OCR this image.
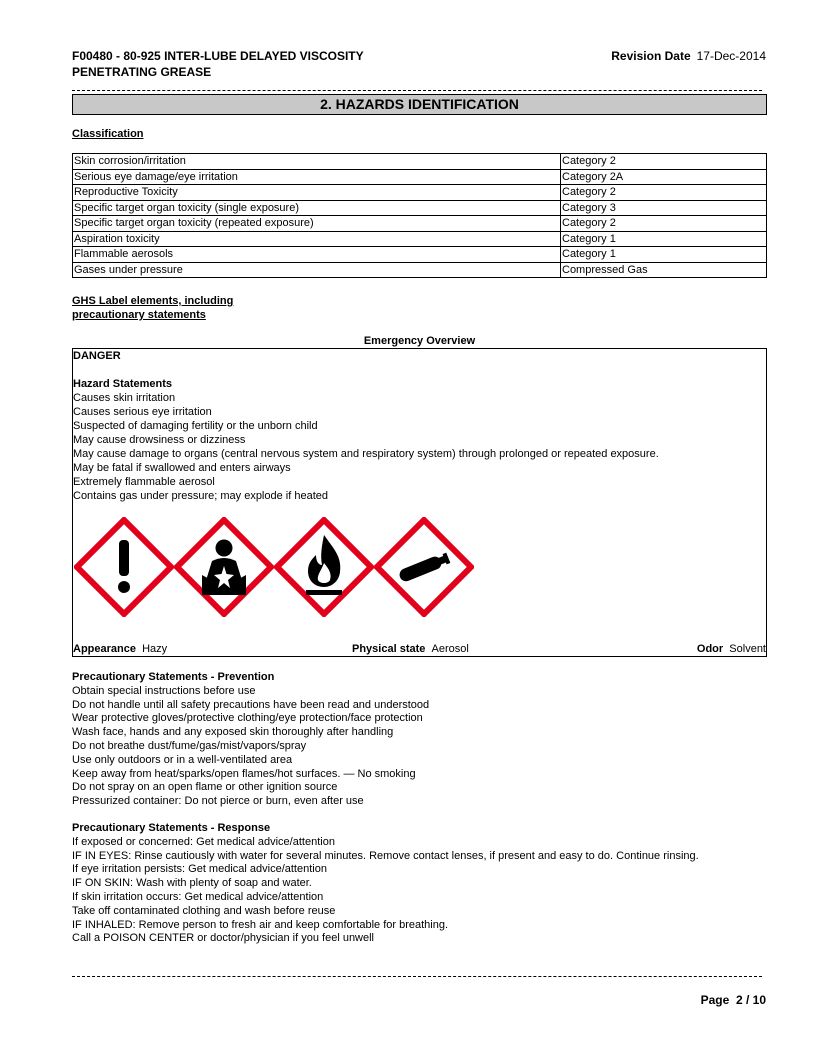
F00480 - 80-925 INTER-LUBE DELAYED VISCOSITY
PENETRATING GREASE
Revision Date 17-Dec-2014
2. HAZARDS IDENTIFICATION
Classification
Skin corrosion/irritation	Category 2
Serious eye damage/eye irritation	Category 2A
Reproductive Toxicity	Category 2
Specific target organ toxicity (single exposure)	Category 3
Specific target organ toxicity (repeated exposure)	Category 2
Aspiration toxicity	Category 1
Flammable aerosols	Category 1
Gases under pressure	Compressed Gas
GHS Label elements, including
precautionary statements
Emergency Overview
DANGER
Hazard Statements
Causes skin irritation
Causes serious eye irritation
Suspected of damaging fertility or the unborn child
May cause drowsiness or dizziness
May cause damage to organs (central nervous system and respiratory system) through prolonged or repeated exposure.
May be fatal if swallowed and enters airways
Extremely flammable aerosol
Contains gas under pressure; may explode if heated
Appearance Hazy	Physical state Aerosol	Odor Solvent
Precautionary Statements - Prevention
Obtain special instructions before use
Do not handle until all safety precautions have been read and understood
Wear protective gloves/protective clothing/eye protection/face protection
Wash face, hands and any exposed skin thoroughly after handling
Do not breathe dust/fume/gas/mist/vapors/spray
Use only outdoors or in a well-ventilated area
Keep away from heat/sparks/open flames/hot surfaces. — No smoking
Do not spray on an open flame or other ignition source
Pressurized container: Do not pierce or burn, even after use
Precautionary Statements - Response
If exposed or concerned: Get medical advice/attention
IF IN EYES: Rinse cautiously with water for several minutes. Remove contact lenses, if present and easy to do. Continue rinsing.
If eye irritation persists: Get medical advice/attention
IF ON SKIN: Wash with plenty of soap and water.
If skin irritation occurs: Get medical advice/attention
Take off contaminated clothing and wash before reuse
IF INHALED: Remove person to fresh air and keep comfortable for breathing.
Call a POISON CENTER or doctor/physician if you feel unwell
Page 2 / 10
